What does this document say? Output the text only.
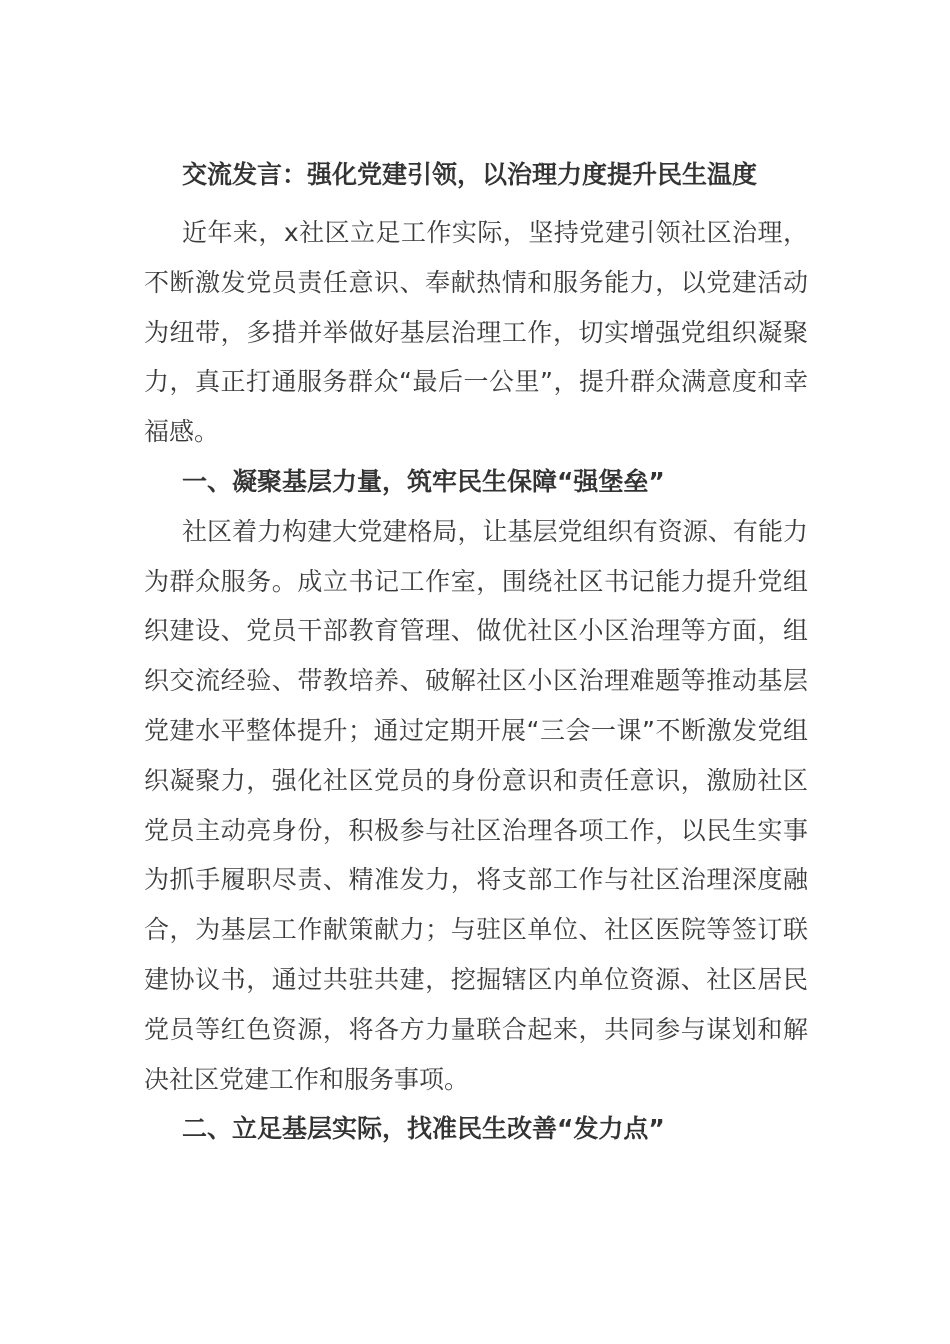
交流发言：强化党建引领，以治理力度提升民生温度

近年来，x社区立足工作实际，坚持党建引领社区治理，不断激发党员责任意识、奉献热情和服务能力，以党建活动为纽带，多措并举做好基层治理工作，切实增强党组织凝聚力，真正打通服务群众“最后一公里”，提升群众满意度和幸福感。

一、凝聚基层力量，筑牢民生保障“强堡垒”

社区着力构建大党建格局，让基层党组织有资源、有能力为群众服务。成立书记工作室，围绕社区书记能力提升党组织建设、党员干部教育管理、做优社区小区治理等方面，组织交流经验、带教培养、破解社区小区治理难题等推动基层党建水平整体提升；通过定期开展“三会一课”不断激发党组织凝聚力，强化社区党员的身份意识和责任意识，激励社区党员主动亮身份，积极参与社区治理各项工作，以民生实事为抓手履职尽责、精准发力，将支部工作与社区治理深度融合，为基层工作献策献力；与驻区单位、社区医院等签订联建协议书，通过共驻共建，挖掘辖区内单位资源、社区居民党员等红色资源，将各方力量联合起来，共同参与谋划和解决社区党建工作和服务事项。

二、立足基层实际，找准民生改善“发力点”
